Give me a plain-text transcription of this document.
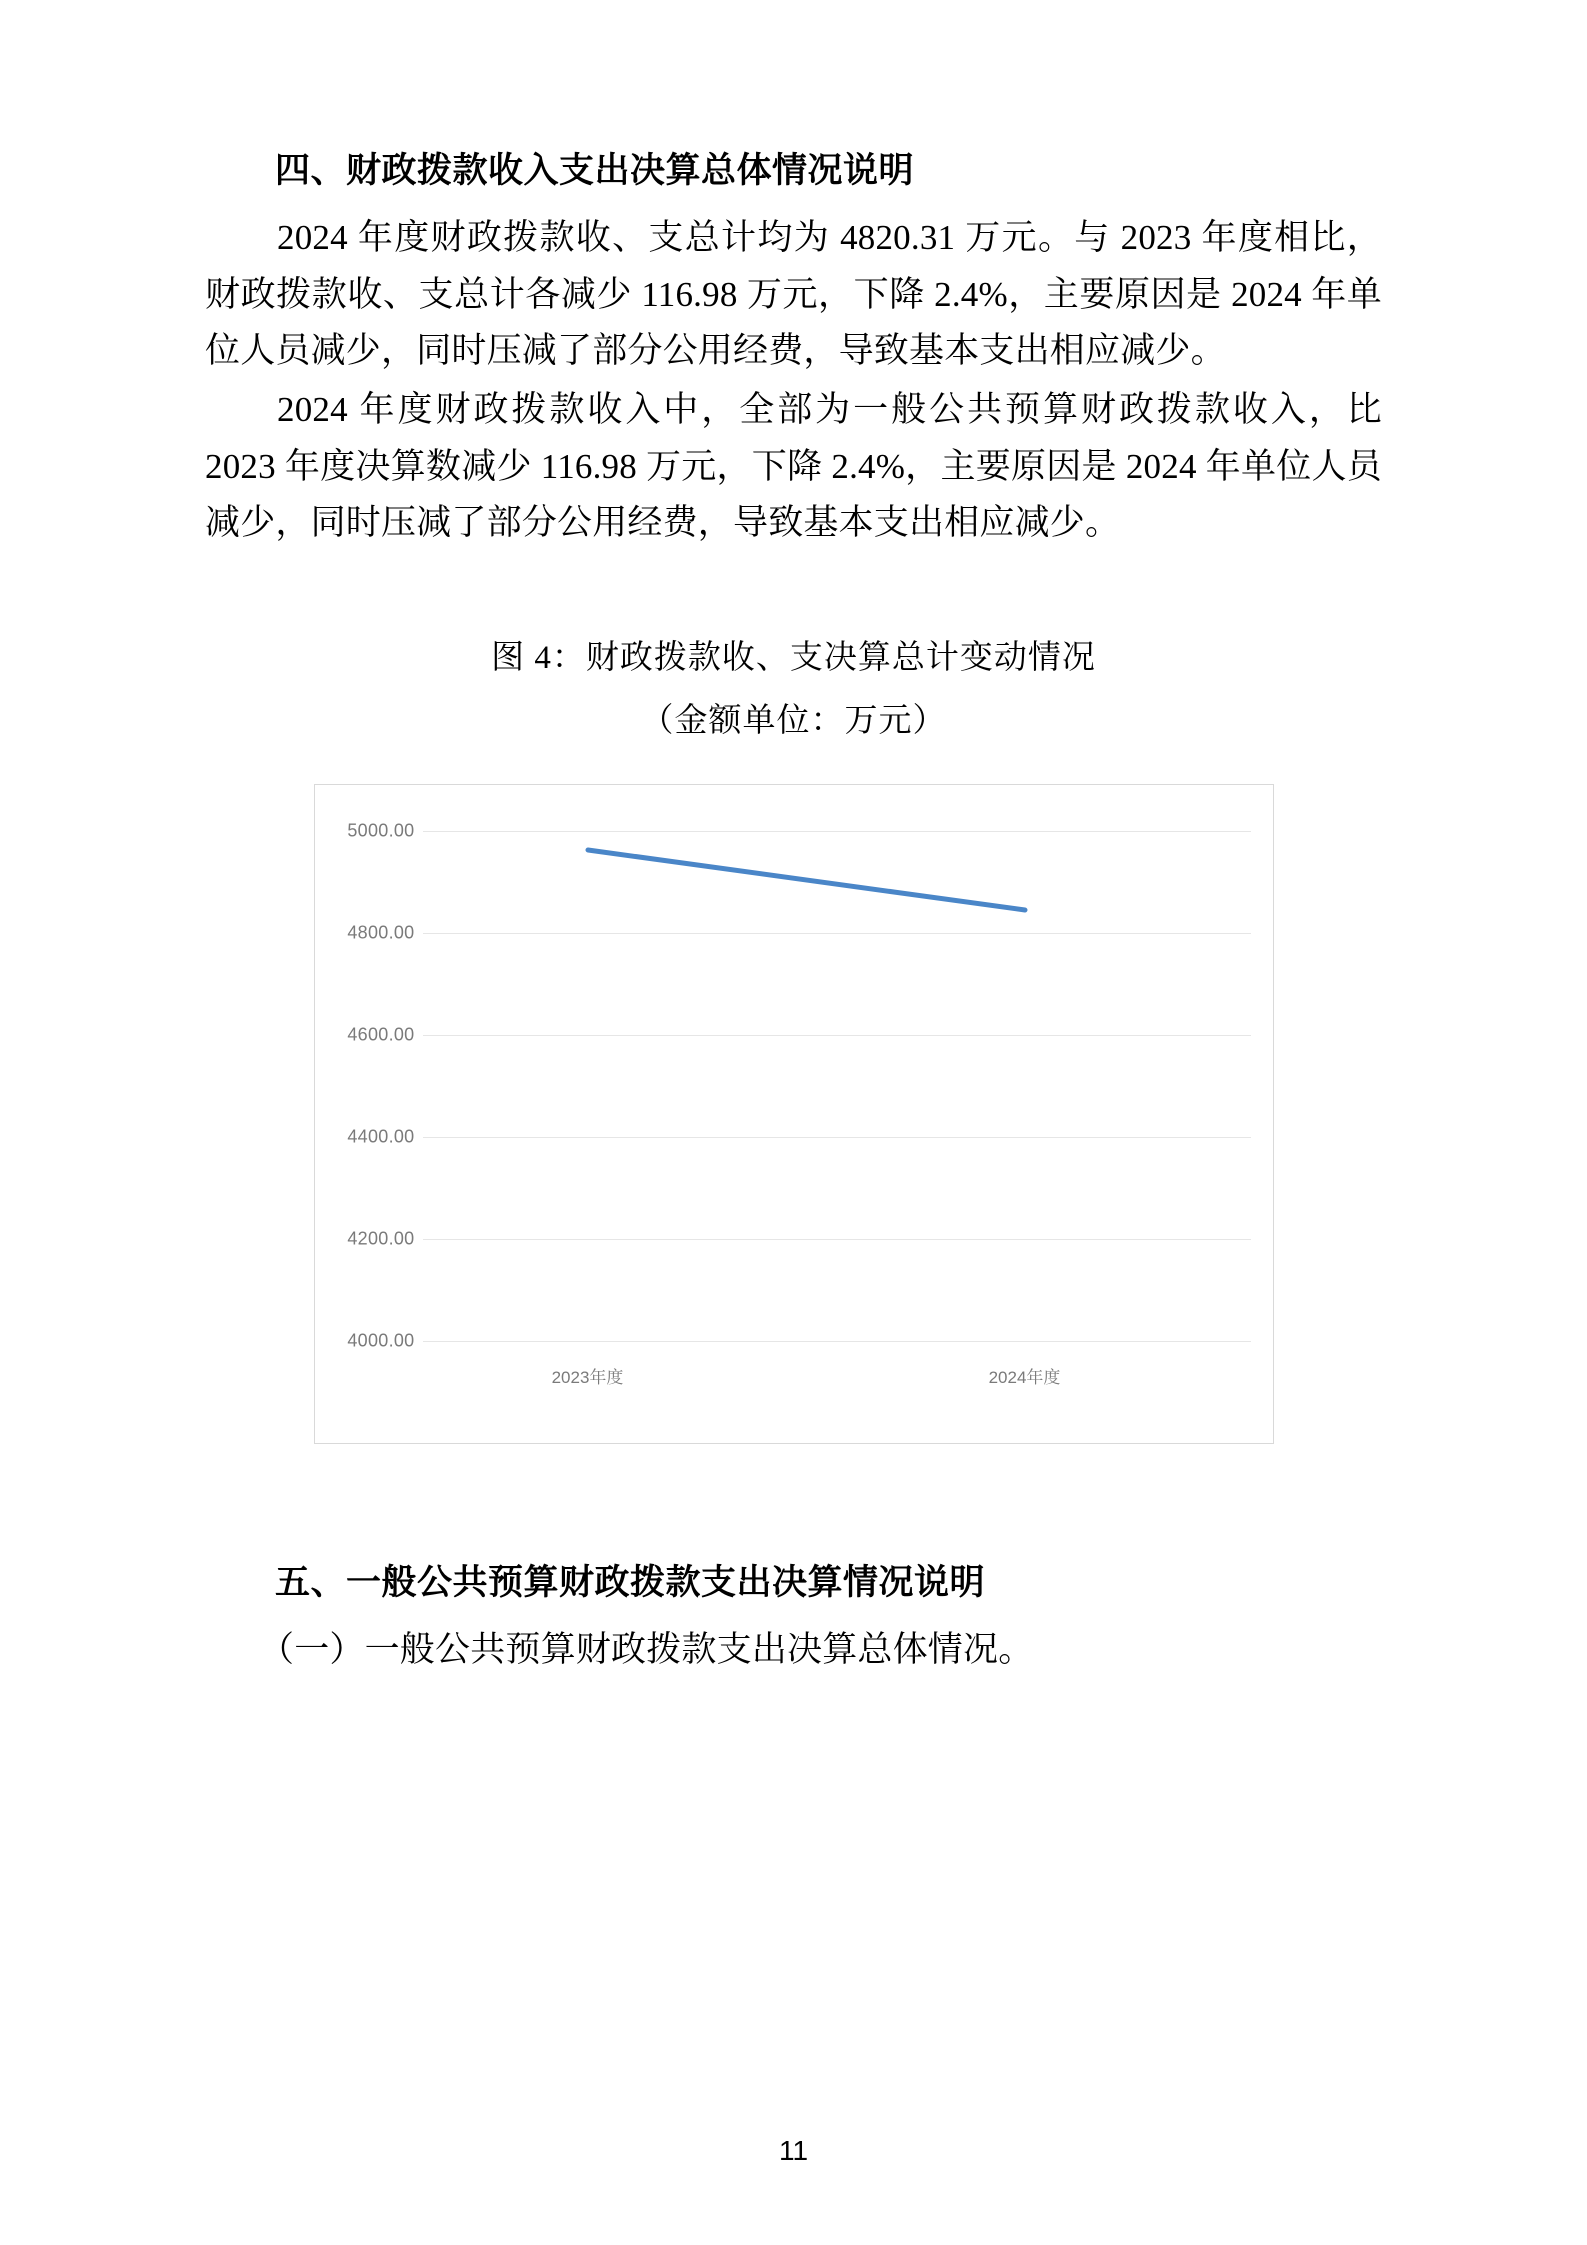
四、财政拨款收入支出决算总体情况说明

2024 年度财政拨款收、支总计均为 4820.31 万元。与 2023 年度相比，财政拨款收、支总计各减少 116.98 万元，下降 2.4%，主要原因是 2024 年单位人员减少，同时压减了部分公用经费，导致基本支出相应减少。

2024 年度财政拨款收入中，全部为一般公共预算财政拨款收入，比 2023 年度决算数减少 116.98 万元，下降 2.4%，主要原因是 2024 年单位人员减少，同时压减了部分公用经费，导致基本支出相应减少。

图 4：财政拨款收、支决算总计变动情况
（金额单位：万元）
5000.00
4800.00
4600.00
4400.00
4200.00
4000.00
2023年度	2024年度
五、一般公共预算财政拨款支出决算情况说明

（一）一般公共预算财政拨款支出决算总体情况。

11
